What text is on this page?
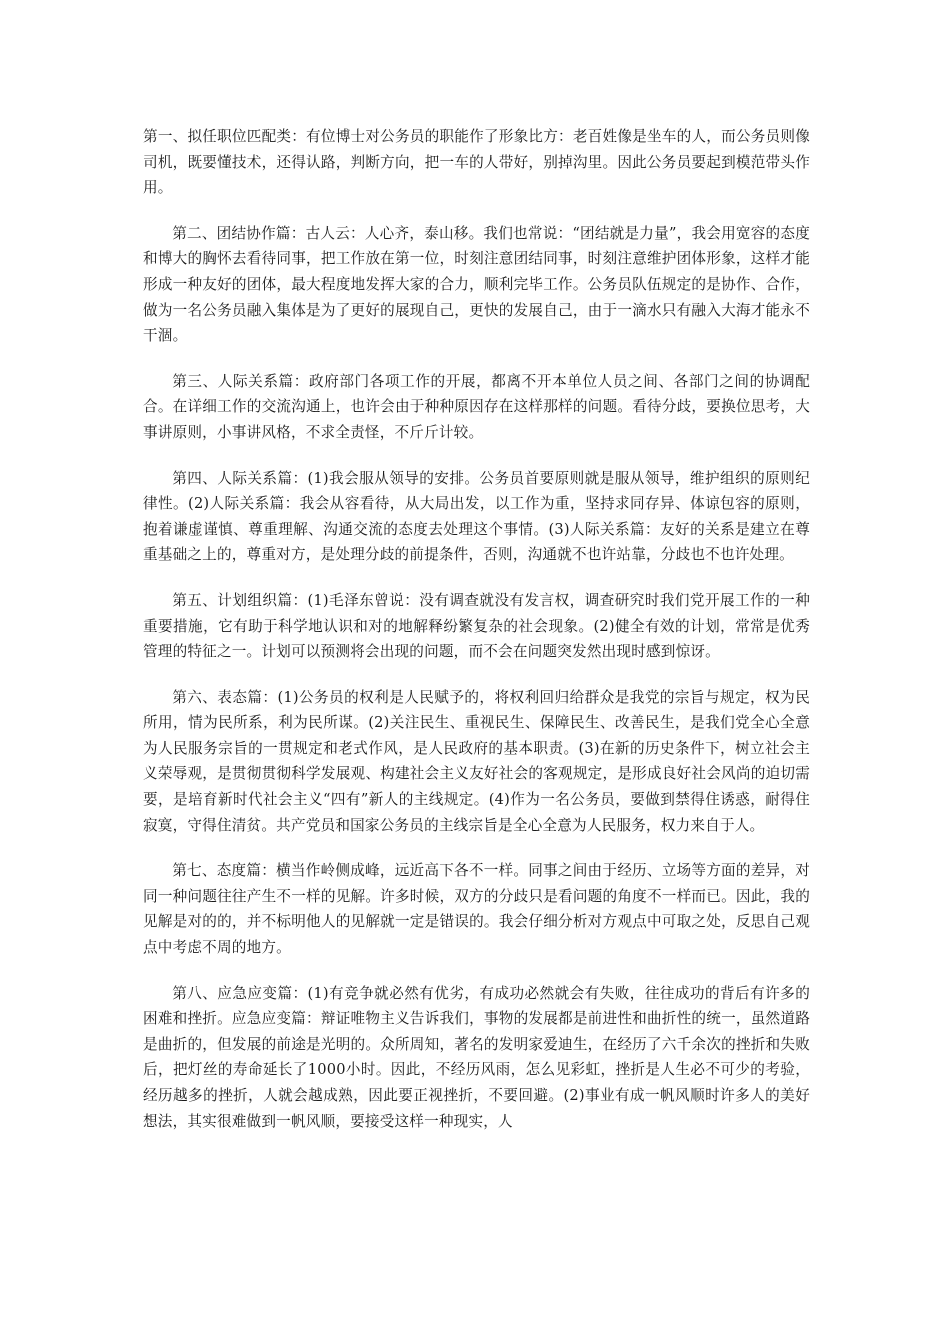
第一、拟任职位匹配类：有位博士对公务员的职能作了形象比方：老百姓像是坐车的人，而公务员则像司机，既要懂技术，还得认路，判断方向，把一车的人带好，别掉沟里。因此公务员要起到模范带头作用。

第二、团结协作篇：古人云：人心齐，泰山移。我们也常说：“团结就是力量”，我会用宽容的态度和博大的胸怀去看待同事，把工作放在第一位，时刻注意团结同事，时刻注意维护团体形象，这样才能形成一种友好的团体，最大程度地发挥大家的合力，顺利完毕工作。公务员队伍规定的是协作、合作，做为一名公务员融入集体是为了更好的展现自己，更快的发展自己，由于一滴水只有融入大海才能永不干涸。

第三、人际关系篇：政府部门各项工作的开展，都离不开本单位人员之间、各部门之间的协调配合。在详细工作的交流沟通上，也许会由于种种原因存在这样那样的问题。看待分歧，要换位思考，大事讲原则，小事讲风格，不求全责怪，不斤斤计较。

第四、人际关系篇：(1)我会服从领导的安排。公务员首要原则就是服从领导，维护组织的原则纪律性。(2)人际关系篇：我会从容看待，从大局出发，以工作为重，坚持求同存异、体谅包容的原则，抱着谦虚谨慎、尊重理解、沟通交流的态度去处理这个事情。(3)人际关系篇：友好的关系是建立在尊重基础之上的，尊重对方，是处理分歧的前提条件，否则，沟通就不也许站靠，分歧也不也许处理。

第五、计划组织篇：(1)毛泽东曾说：没有调查就没有发言权，调查研究时我们党开展工作的一种重要措施，它有助于科学地认识和对的地解释纷繁复杂的社会现象。(2)健全有效的计划，常常是优秀管理的特征之一。计划可以预测将会出现的问题，而不会在问题突发然出现时感到惊讶。

第六、表态篇：(1)公务员的权利是人民赋予的，将权利回归给群众是我党的宗旨与规定，权为民所用，情为民所系，利为民所谋。(2)关注民生、重视民生、保障民生、改善民生，是我们党全心全意为人民服务宗旨的一贯规定和老式作风，是人民政府的基本职责。(3)在新的历史条件下，树立社会主义荣辱观，是贯彻贯彻科学发展观、构建社会主义友好社会的客观规定，是形成良好社会风尚的迫切需要，是培育新时代社会主义“四有”新人的主线规定。(4)作为一名公务员，要做到禁得住诱惑，耐得住寂寞，守得住清贫。共产党员和国家公务员的主线宗旨是全心全意为人民服务，权力来自于人。

第七、态度篇：横当作岭侧成峰，远近高下各不一样。同事之间由于经历、立场等方面的差异，对同一种问题往往产生不一样的见解。许多时候，双方的分歧只是看问题的角度不一样而已。因此，我的见解是对的的，并不标明他人的见解就一定是错误的。我会仔细分析对方观点中可取之处，反思自己观点中考虑不周的地方。

第八、应急应变篇：(1)有竞争就必然有优劣，有成功必然就会有失败，往往成功的背后有许多的困难和挫折。应急应变篇：辩证唯物主义告诉我们，事物的发展都是前进性和曲折性的统一，虽然道路是曲折的，但发展的前途是光明的。众所周知，著名的发明家爱迪生，在经历了六千余次的挫折和失败后，把灯丝的寿命延长了1000小时。因此，不经历风雨，怎么见彩虹，挫折是人生必不可少的考验，经历越多的挫折，人就会越成熟，因此要正视挫折，不要回避。(2)事业有成一帆风顺时许多人的美好想法，其实很难做到一帆风顺，要接受这样一种现实，人
